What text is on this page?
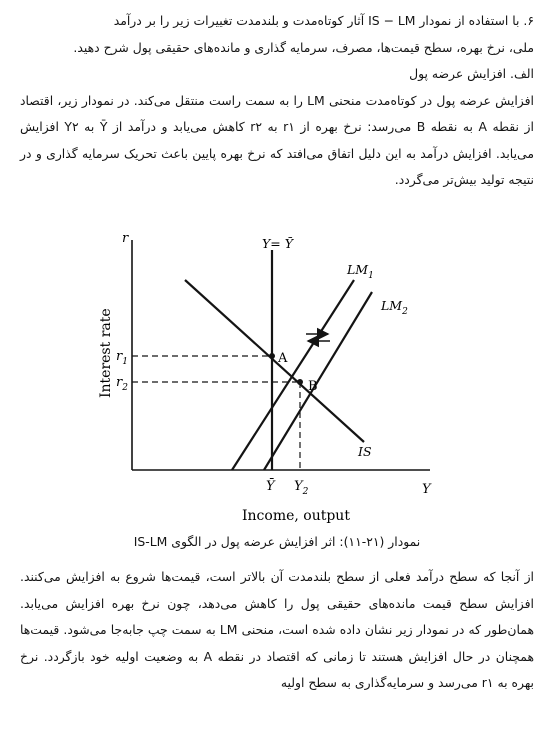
۶. با استفاده از نمودار IS − LM آثار کوتاه‌مدت و بلندمدت تغییرات زیر را بر درآمد
ملی، نرخ بهره، سطح قیمت‌ها، مصرف، سرمایه گذاری و مانده‌های حقیقی پول شرح دهید.
الف. افزایش عرضه پول
افزایش عرضه پول در کوتاه‌مدت منحنی LM را به سمت راست منتقل می‌کند. در نمودار زیر، اقتصاد از نقطه A به نقطه B می‌رسد: نرخ بهره از r۱ به r۲ کاهش می‌یابد و درآمد از Ȳ به Y۲ افزایش می‌یابد. افزایش درآمد به این دلیل اتفاق می‌افتد که نرخ بهره پایین باعث تحریک سرمایه گذاری و در نتیجه تولید بیش‌تر می‌گردد.
r
Interest rate
Y
Income, output
Y= Ȳ
IS
$LM_1$
$LM_2$
A
B
$r_1$
$r_2$
Ȳ $Y_2$
نمودار (۲۱-۱۱): اثر افزایش عرضه پول در الگوی IS-LM
از آنجا که سطح درآمد فعلی از سطح بلندمدت آن بالاتر است، قیمت‌ها شروع به افزایش می‌کنند. افزایش سطح قیمت مانده‌های حقیقی پول را کاهش می‌دهد، چون نرخ بهره افزایش می‌یابد. همان‌طور که در نمودار زیر نشان داده شده است، منحنی LM به سمت چپ جابه‌جا می‌شود. قیمت‌ها همچنان در حال افزایش هستند تا زمانی که اقتصاد در نقطه A به وضعیت اولیه خود بازگردد. نرخ بهره به r۱ می‌رسد و سرمایه‌گذاری به سطح اولیه
